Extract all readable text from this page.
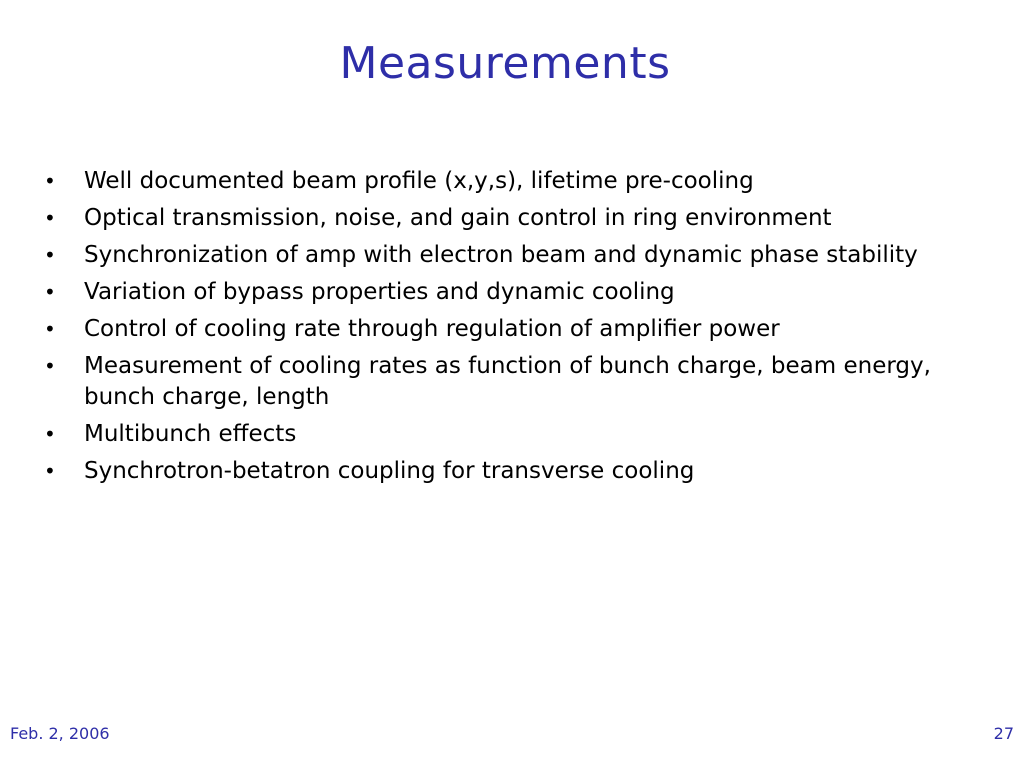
Measurements
•	Well documented beam profile (x,y,s), lifetime pre-cooling
•	Optical transmission, noise, and gain control in ring environment
•	Synchronization of amp with electron beam and dynamic phase stability
•	Variation of bypass properties and dynamic cooling
•	Control of cooling rate through regulation of amplifier power
•	Measurement of cooling rates as function of bunch charge, beam energy, bunch charge, length
•	Multibunch effects
•	Synchrotron-betatron coupling for transverse cooling
Feb. 2, 2006	27
